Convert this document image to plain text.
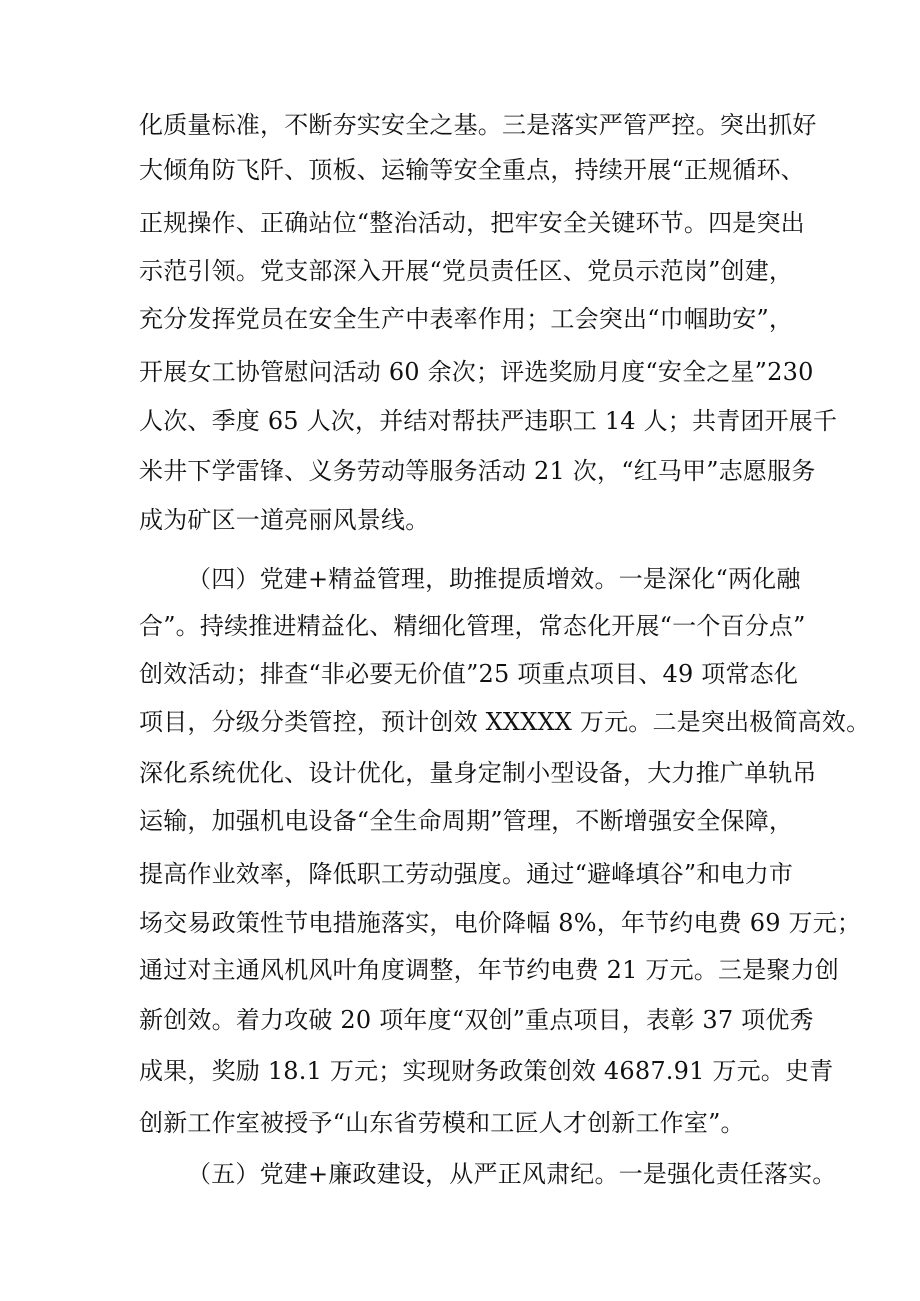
化质量标准，不断夯实安全之基。三是落实严管严控。突出抓好
大倾角防飞阡、顶板、运输等安全重点，持续开展“正规循环、
正规操作、正确站位“整治活动，把牢安全关键环节。四是突出
示范引领。党支部深入开展“党员责任区、党员示范岗”创建，
充分发挥党员在安全生产中表率作用；工会突出“巾帼助安”，
开展女工协管慰问活动 60 余次；评选奖励月度“安全之星”230
人次、季度 65 人次，并结对帮扶严违职工 14 人；共青团开展千
米井下学雷锋、义务劳动等服务活动 21 次，“红马甲”志愿服务
成为矿区一道亮丽风景线。
（四）党建+精益管理，助推提质增效。一是深化“两化融
合”。持续推进精益化、精细化管理，常态化开展“一个百分点”
创效活动；排查“非必要无价值”25 项重点项目、49 项常态化
项目，分级分类管控，预计创效 XXXXX 万元。二是突出极简高效。
深化系统优化、设计优化，量身定制小型设备，大力推广单轨吊
运输，加强机电设备“全生命周期”管理，不断增强安全保障，
提高作业效率，降低职工劳动强度。通过“避峰填谷”和电力市
场交易政策性节电措施落实，电价降幅 8%，年节约电费 69 万元；
通过对主通风机风叶角度调整，年节约电费 21 万元。三是聚力创
新创效。着力攻破 20 项年度“双创”重点项目，表彰 37 项优秀
成果，奖励 18.1 万元；实现财务政策创效 4687.91 万元。史青
创新工作室被授予“山东省劳模和工匠人才创新工作室”。
（五）党建+廉政建设，从严正风肃纪。一是强化责任落实。
